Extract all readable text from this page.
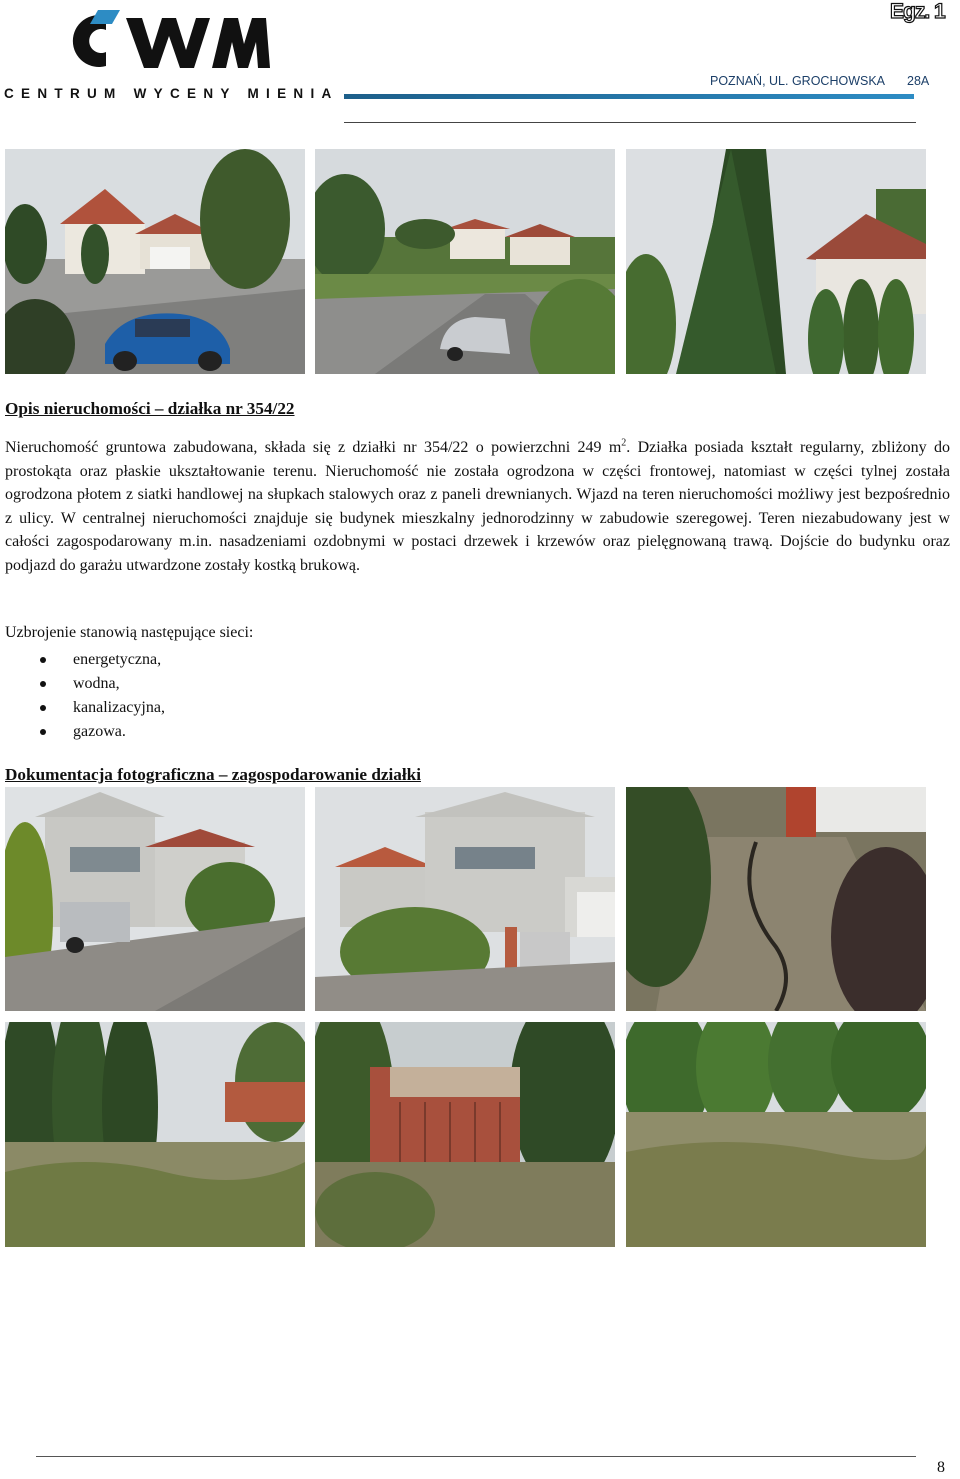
CENTRUM WYCENY MIENIA
Egz. 1
POZNAŃ, UL. GROCHOWSKA 28A
Opis nieruchomości – działka nr 354/22

Nieruchomość gruntowa zabudowana, składa się z działki nr 354/22 o powierzchni 249 $m^2$. Działka posiada kształt regularny, zbliżony do prostokąta oraz płaskie ukształtowanie terenu. Nieruchomość nie została ogrodzona w części frontowej, natomiast w części tylnej została ogrodzona płotem z siatki handlowej na słupkach stalowych oraz z paneli drewnianych. Wjazd na teren nieruchomości możliwy jest bezpośrednio z ulicy. W centralnej nieruchomości znajduje się budynek mieszkalny jednorodzinny w zabudowie szeregowej. Teren niezabudowany jest w całości zagospodarowany m.in. nasadzeniami ozdobnymi w postaci drzewek i krzewów oraz pielęgnowaną trawą. Dojście do budynku oraz podjazd do garażu utwardzone zostały kostką brukową.

Uzbrojenie stanowią następujące sieci:
energetyczna,
wodna,
kanalizacyjna,
gazowa.
Dokumentacja fotograficzna – zagospodarowanie działki
8
